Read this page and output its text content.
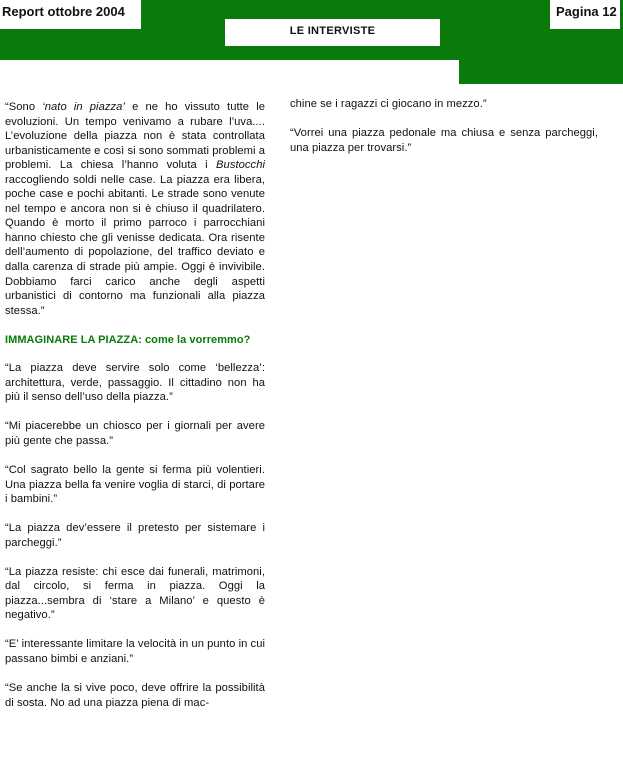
Report ottobre 2004	Pagina 12
LE INTERVISTE

“Sono ‘nato in piazza’ e ne ho vissuto tutte le evoluzioni. Un tempo venivamo a rubare l’uva.... L’evoluzione della piazza non è stata controllata urbanisticamente e così si sono sommati problemi a problemi. La chiesa l’hanno voluta i Bustocchi raccogliendo soldi nelle case. La piazza era libera, poche case e pochi abitanti. Le strade sono venute nel tempo e ancora non si è chiuso il quadrilatero. Quando è morto il primo parroco i parrocchiani hanno chiesto che gli venisse dedicata. Ora risente dell’aumento di popolazione, del traffico deviato e dalla carenza di strade più ampie. Oggi è invivibile. Dobbiamo farci carico anche degli aspetti urbanistici di contorno ma funzionali alla piazza stessa.”

IMMAGINARE LA PIAZZA: come la vorremmo?

“La piazza deve servire solo come ‘bellezza’: architettura, verde, passaggio. Il cittadino non ha più il senso dell’uso della piazza.”

“Mi piacerebbe un chiosco per i giornali per avere più gente che passa.”

“Col sagrato bello la gente si ferma più volentieri. Una piazza bella fa venire voglia di starci, di portare i bambini.”

“La piazza dev’essere il pretesto per sistemare i parcheggi.”

“La piazza resiste: chi esce dai funerali, matrimoni, dal circolo, si ferma in piazza. Oggi la piazza...sembra di ‘stare a Milano’ e questo è negativo.”

“E’ interessante limitare la velocità in un punto in cui passano bimbi e anziani.”

“Se anche la si vive poco, deve offrire la possibilità di sosta. No ad una piazza piena di mac-

chine se i ragazzi ci giocano in mezzo.”

“Vorrei una piazza pedonale ma chiusa e senza parcheggi, una piazza per trovarsi.”
